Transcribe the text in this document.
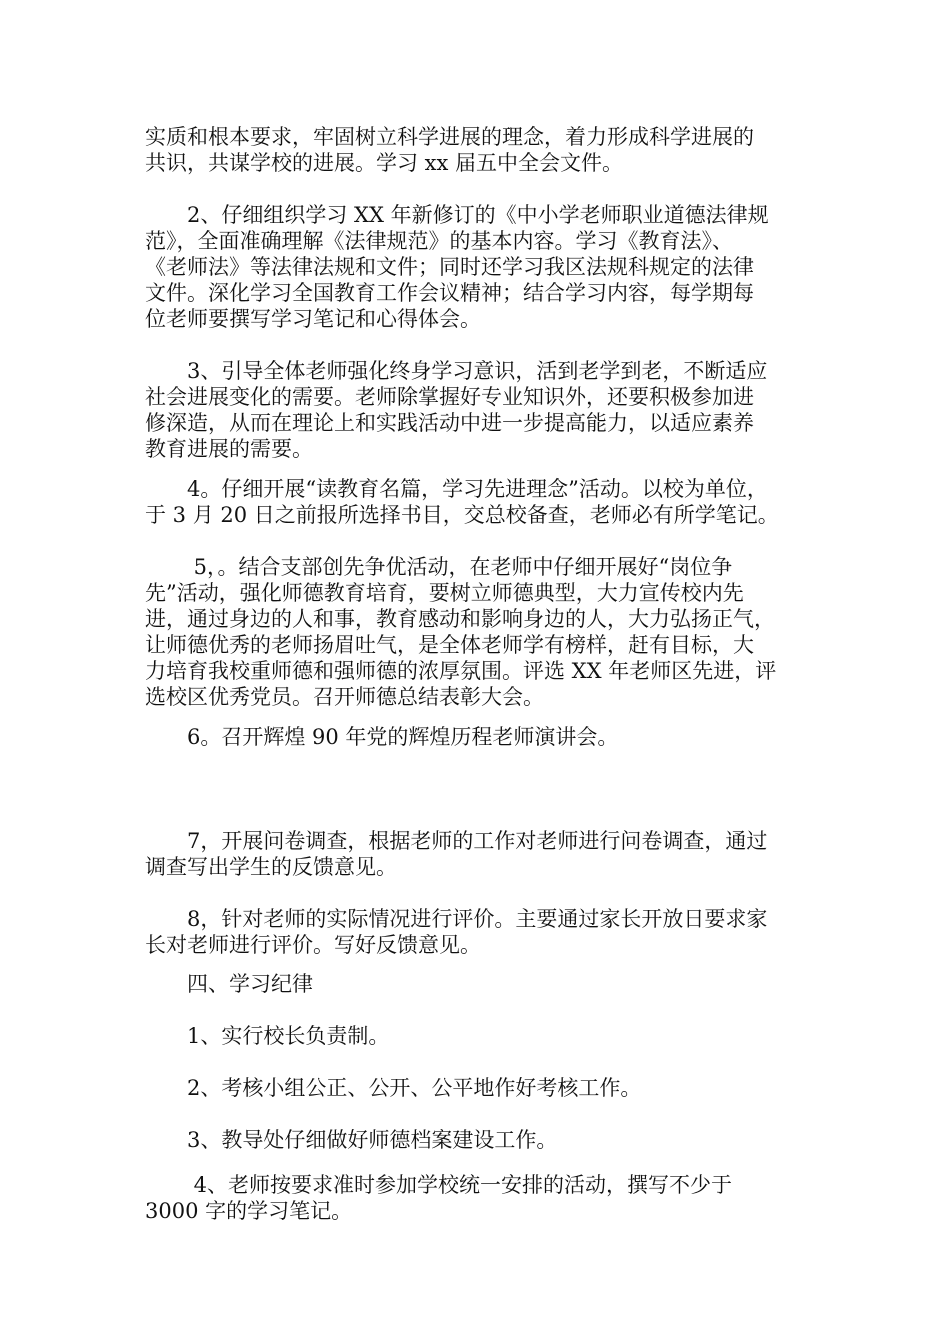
实质和根本要求，牢固树立科学进展的理念，着力形成科学进展的
共识，共谋学校的进展。学习 xx 届五中全会文件。
　　2、仔细组织学习 XX 年新修订的《中小学老师职业道德法律规
范》，全面准确理解《法律规范》的基本内容。学习《教育法》、
《老师法》等法律法规和文件；同时还学习我区法规科规定的法律
文件。深化学习全国教育工作会议精神；结合学习内容，每学期每
位老师要撰写学习笔记和心得体会。
　　3、引导全体老师强化终身学习意识，活到老学到老，不断适应
社会进展变化的需要。老师除掌握好专业知识外，还要积极参加进
修深造，从而在理论上和实践活动中进一步提高能力，以适应素养
教育进展的需要。
　　4。仔细开展“读教育名篇，学习先进理念”活动。以校为单位，
于 3 月 20 日之前报所选择书目，交总校备查，老师必有所学笔记。
　　 5，。结合支部创先争优活动，在老师中仔细开展好“岗位争
先”活动，强化师德教育培育，要树立师德典型，大力宣传校内先
进，通过身边的人和事，教育感动和影响身边的人，大力弘扬正气，
让师德优秀的老师扬眉吐气，是全体老师学有榜样，赶有目标，大
力培育我校重师德和强师德的浓厚氛围。评选 XX 年老师区先进，评
选校区优秀党员。召开师德总结表彰大会。
　　6。召开辉煌 90 年党的辉煌历程老师演讲会。
　　7，开展问卷调查，根据老师的工作对老师进行问卷调查，通过
调查写出学生的反馈意见。
　　8，针对老师的实际情况进行评价。主要通过家长开放日要求家
长对老师进行评价。写好反馈意见。
　　四、学习纪律
　　1、实行校长负责制。
　　2、考核小组公正、公开、公平地作好考核工作。
　　3、教导处仔细做好师德档案建设工作。
　　 4、老师按要求准时参加学校统一安排的活动，撰写不少于
3000 字的学习笔记。
